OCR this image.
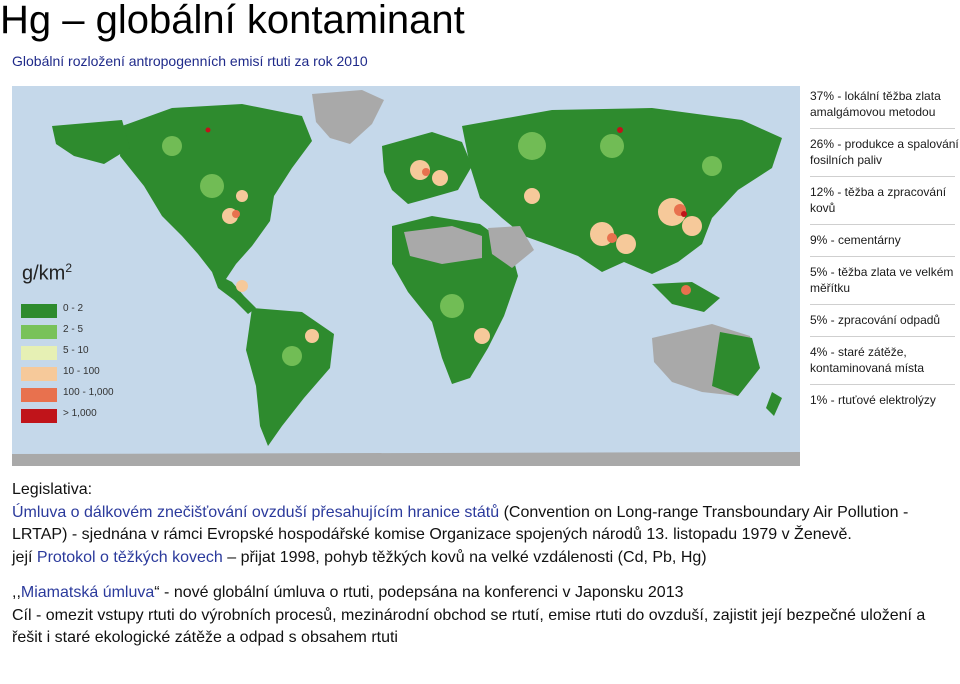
Hg – globální kontaminant
Globální rozložení antropogenních emisí rtuti za rok 2010
$g/km^2$
0 - 2
2 - 5
5 - 10
10 - 100
100 - 1,000
> 1,000
37% - lokální těžba zlata amalgámovou metodou
26% - produkce a spalování fosilních paliv
12% - těžba a zpracování kovů
9% - cementárny
5% - těžba zlata ve velkém měřítku
5% - zpracování odpadů
4% - staré zátěže, kontaminovaná místa
1% - rtuťové elektrolýzy

Legislativa:

Úmluva o dálkovém znečišťování ovzduší přesahujícím hranice států (Convention on Long-range Transboundary Air Pollution - LRTAP) - sjednána v rámci Evropské hospodářské komise Organizace spojených národů 13. listopadu 1979 v Ženevě.

její Protokol o těžkých kovech – přijat 1998, pohyb těžkých kovů na velké vzdálenosti (Cd, Pb, Hg)

,,Miamatská úmluva“ - nové globální úmluva o rtuti, podepsána na konferenci v Japonsku 2013

Cíl - omezit vstupy rtuti do výrobních procesů, mezinárodní obchod se rtutí, emise rtuti do ovzduší, zajistit její bezpečné uložení a řešit i staré ekologické zátěže a odpad s obsahem rtuti
